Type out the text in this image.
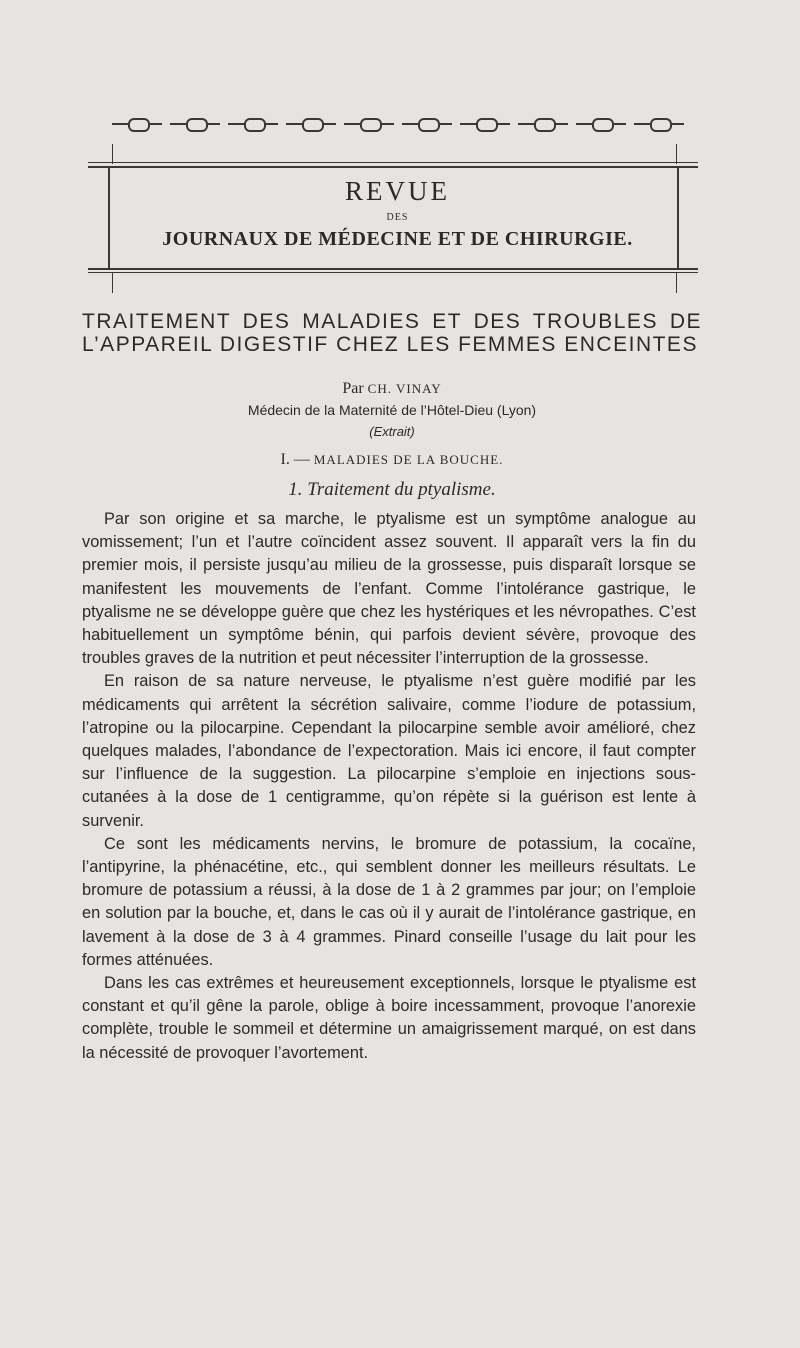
REVUE
DES
JOURNAUX DE MÉDECINE ET DE CHIRURGIE.
TRAITEMENT DES MALADIES ET DES TROUBLES DE L’APPAREIL DIGESTIF CHEZ LES FEMMES ENCEINTES
Par CH. VINAY
Médecin de la Maternité de l’Hôtel-Dieu (Lyon)
(Extrait)
I. — MALADIES DE LA BOUCHE.
1. Traitement du ptyalisme.

Par son origine et sa marche, le ptyalisme est un symptôme analogue au vomissement; l’un et l’autre coïncident assez souvent. Il apparaît vers la fin du premier mois, il persiste jusqu’au milieu de la grossesse, puis disparaît lorsque se manifestent les mouvements de l’enfant. Comme l’intolérance gastrique, le ptyalisme ne se développe guère que chez les hystériques et les névropathes. C’est habituellement un symptôme bénin, qui parfois devient sévère, provoque des troubles graves de la nutrition et peut nécessiter l’interruption de la grossesse.

En raison de sa nature nerveuse, le ptyalisme n’est guère modifié par les médicaments qui arrêtent la sécrétion salivaire, comme l’iodure de potassium, l’atropine ou la pilocarpine. Cependant la pilocarpine semble avoir amélioré, chez quelques malades, l’abondance de l’expectoration. Mais ici encore, il faut compter sur l’influence de la suggestion. La pilocarpine s’emploie en injections sous-cutanées à la dose de 1 centigramme, qu’on répète si la guérison est lente à survenir.

Ce sont les médicaments nervins, le bromure de potassium, la cocaïne, l’antipyrine, la phénacétine, etc., qui semblent donner les meilleurs résultats. Le bromure de potassium a réussi, à la dose de 1 à 2 grammes par jour; on l’emploie en solution par la bouche, et, dans le cas où il y aurait de l’intolérance gastrique, en lavement à la dose de 3 à 4 grammes. Pinard conseille l’usage du lait pour les formes atténuées.

Dans les cas extrêmes et heureusement exceptionnels, lorsque le ptyalisme est constant et qu’il gêne la parole, oblige à boire incessamment, provoque l’anorexie complète, trouble le sommeil et détermine un amaigrissement marqué, on est dans la nécessité de provoquer l’avortement.
